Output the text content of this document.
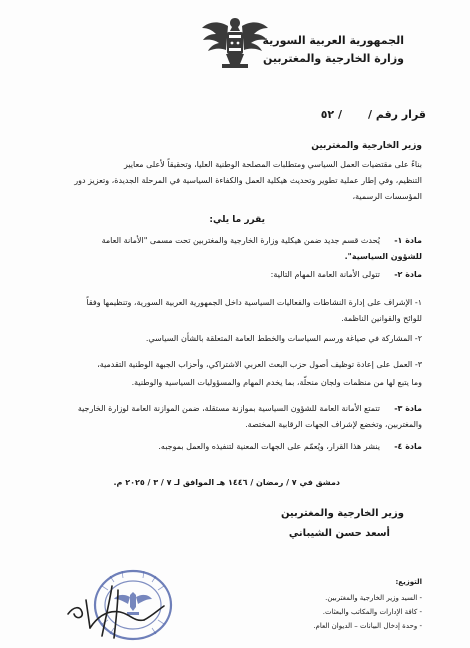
الجمهورية العربية السورية
وزارة الخارجية والمغتربين
قرار رقم /
٥٢ /
وزير الخارجية والمغتربين
بناءً على مقتضيات العمل السياسي ومتطلبات المصلحة الوطنية العليا، وتحقيقاً لأعلى معايير
التنظيم، وفي إطار عملية تطوير وتحديث هيكلية العمل والكفاءة السياسية في المرحلة الجديدة، وتعزيز دور
المؤسسات الرسمية،
يقرر ما يلي:
مادة ١-
يُحدث قسم جديد ضمن هيكلية وزارة الخارجية والمغتربين تحت مسمى "الأمانة العامة
للشؤون السياسية".
مادة ٢-
تتولى الأمانة العامة المهام التالية:
١- الإشراف على إدارة النشاطات والفعاليات السياسية داخل الجمهورية العربية السورية، وتنظيمها وفقاً
للوائح والقوانين الناظمة.
٢- المشاركة في صياغة ورسم السياسات والخطط العامة المتعلقة بالشأن السياسي.
٣- العمل على إعادة توظيف أصول حزب البعث العربي الاشتراكي، وأحزاب الجبهة الوطنية التقدمية،
وما يتبع لها من منظمات ولجان منحلّة، بما يخدم المهام والمسؤوليات السياسية والوطنية.
مادة ٣-
تتمتع الأمانة العامة للشؤون السياسية بموازنة مستقلة، ضمن الموازنة العامة لوزارة الخارجية
والمغتربين، وتخضع لإشراف الجهات الرقابية المختصة.
مادة ٤-
ينشر هذا القرار، ويُعمّم على الجهات المعنية لتنفيذه والعمل بموجبه.
دمشق في ٧ / رمضان / ١٤٤٦ هـ الموافق لـ ٧ / ٣ / ٢٠٢٥ م.
وزير الخارجية والمغتربين
أسعد حسن الشيباني
التوزيع:
- السيد وزير الخارجية والمغتربين.
- كافة الإدارات والمكاتب والبعثات.
- وحدة إدخال البيانات – الديوان العام.
